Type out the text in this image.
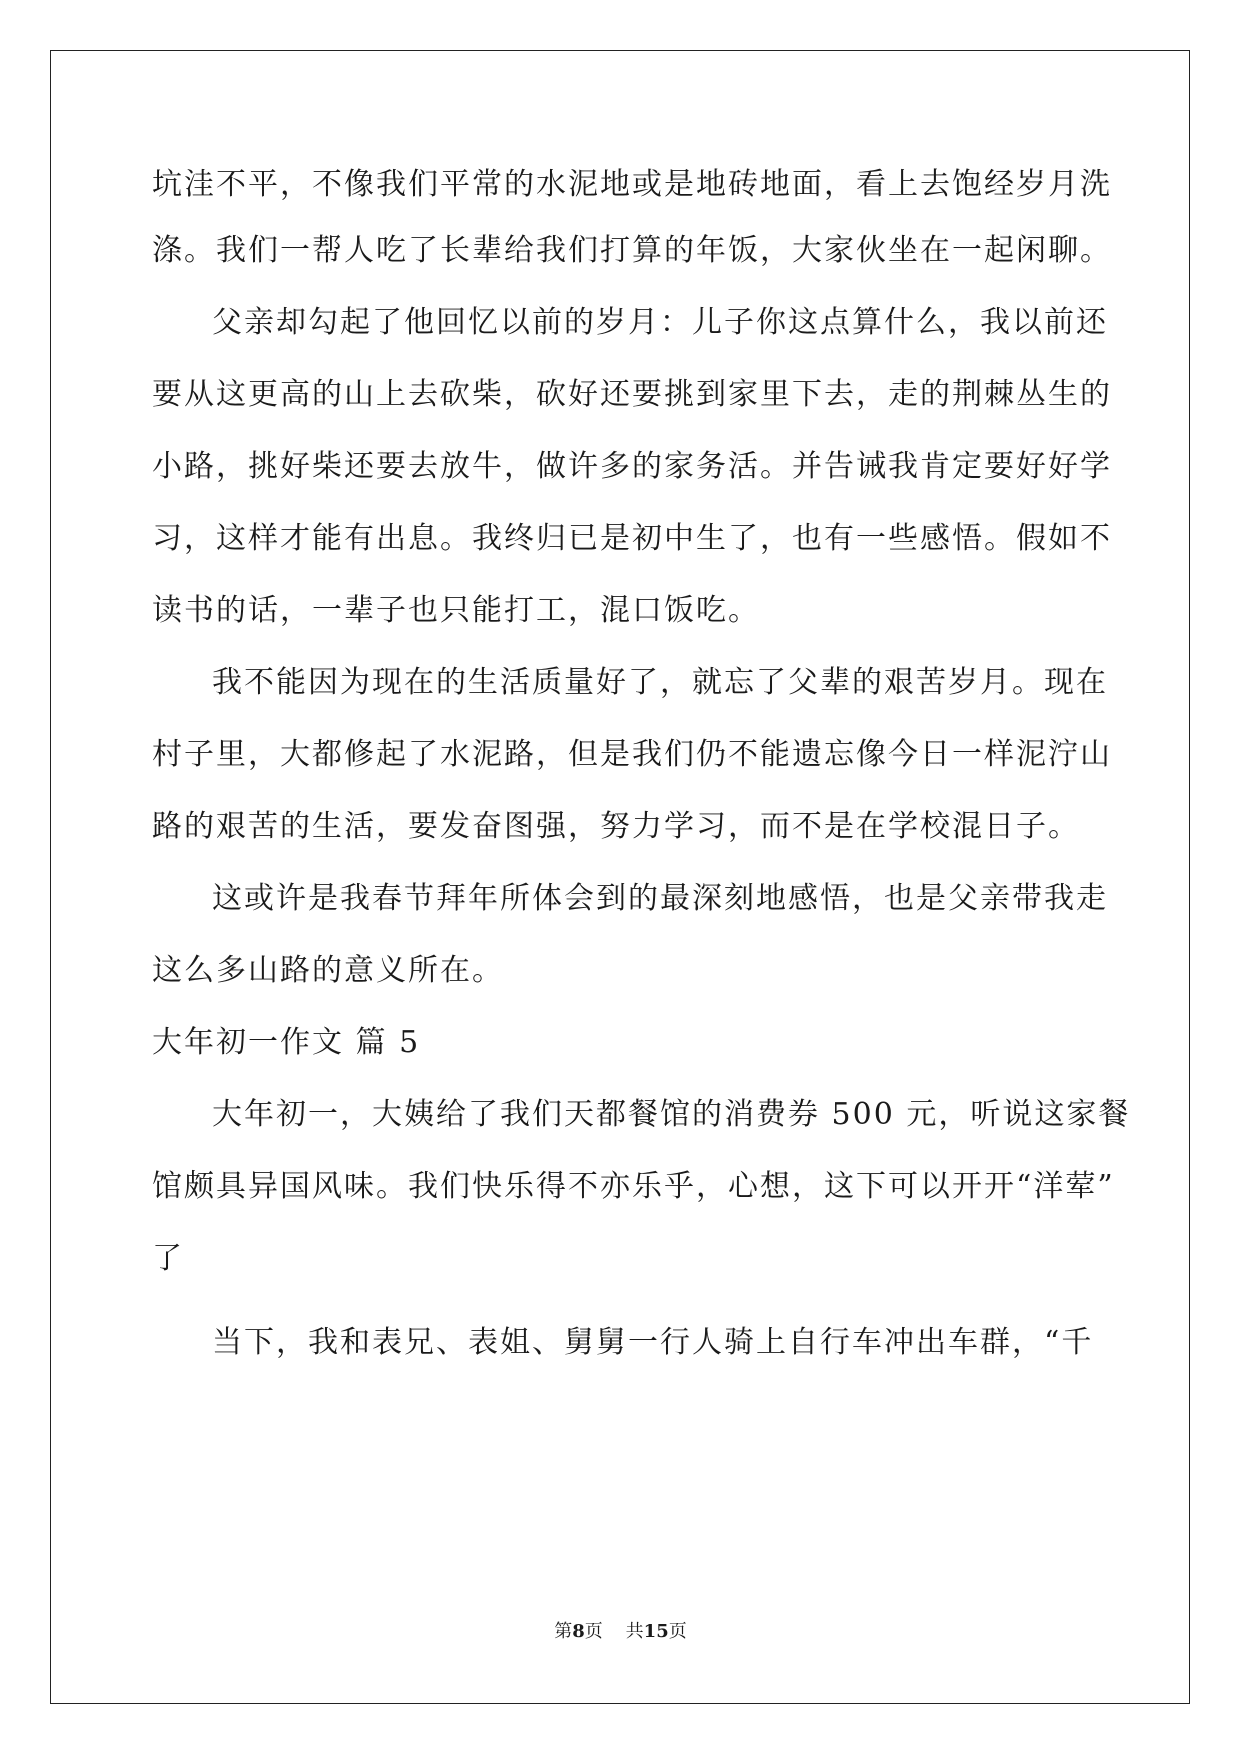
坑洼不平，不像我们平常的水泥地或是地砖地面，看上去饱经岁月洗
涤。我们一帮人吃了长辈给我们打算的年饭，大家伙坐在一起闲聊。
父亲却勾起了他回忆以前的岁月：儿子你这点算什么，我以前还
要从这更高的山上去砍柴，砍好还要挑到家里下去，走的荆棘丛生的
小路，挑好柴还要去放牛，做许多的家务活。并告诫我肯定要好好学
习，这样才能有出息。我终归已是初中生了，也有一些感悟。假如不
读书的话，一辈子也只能打工，混口饭吃。
我不能因为现在的生活质量好了，就忘了父辈的艰苦岁月。现在
村子里，大都修起了水泥路，但是我们仍不能遗忘像今日一样泥泞山
路的艰苦的生活，要发奋图强，努力学习，而不是在学校混日子。
这或许是我春节拜年所体会到的最深刻地感悟，也是父亲带我走
这么多山路的意义所在。
大年初一作文 篇 5
大年初一，大姨给了我们天都餐馆的消费券 500 元，听说这家餐
馆颇具异国风味。我们快乐得不亦乐乎，心想，这下可以开开“洋荤”
了
当下，我和表兄、表姐、舅舅一行人骑上自行车冲出车群，“千
第8页    共15页
